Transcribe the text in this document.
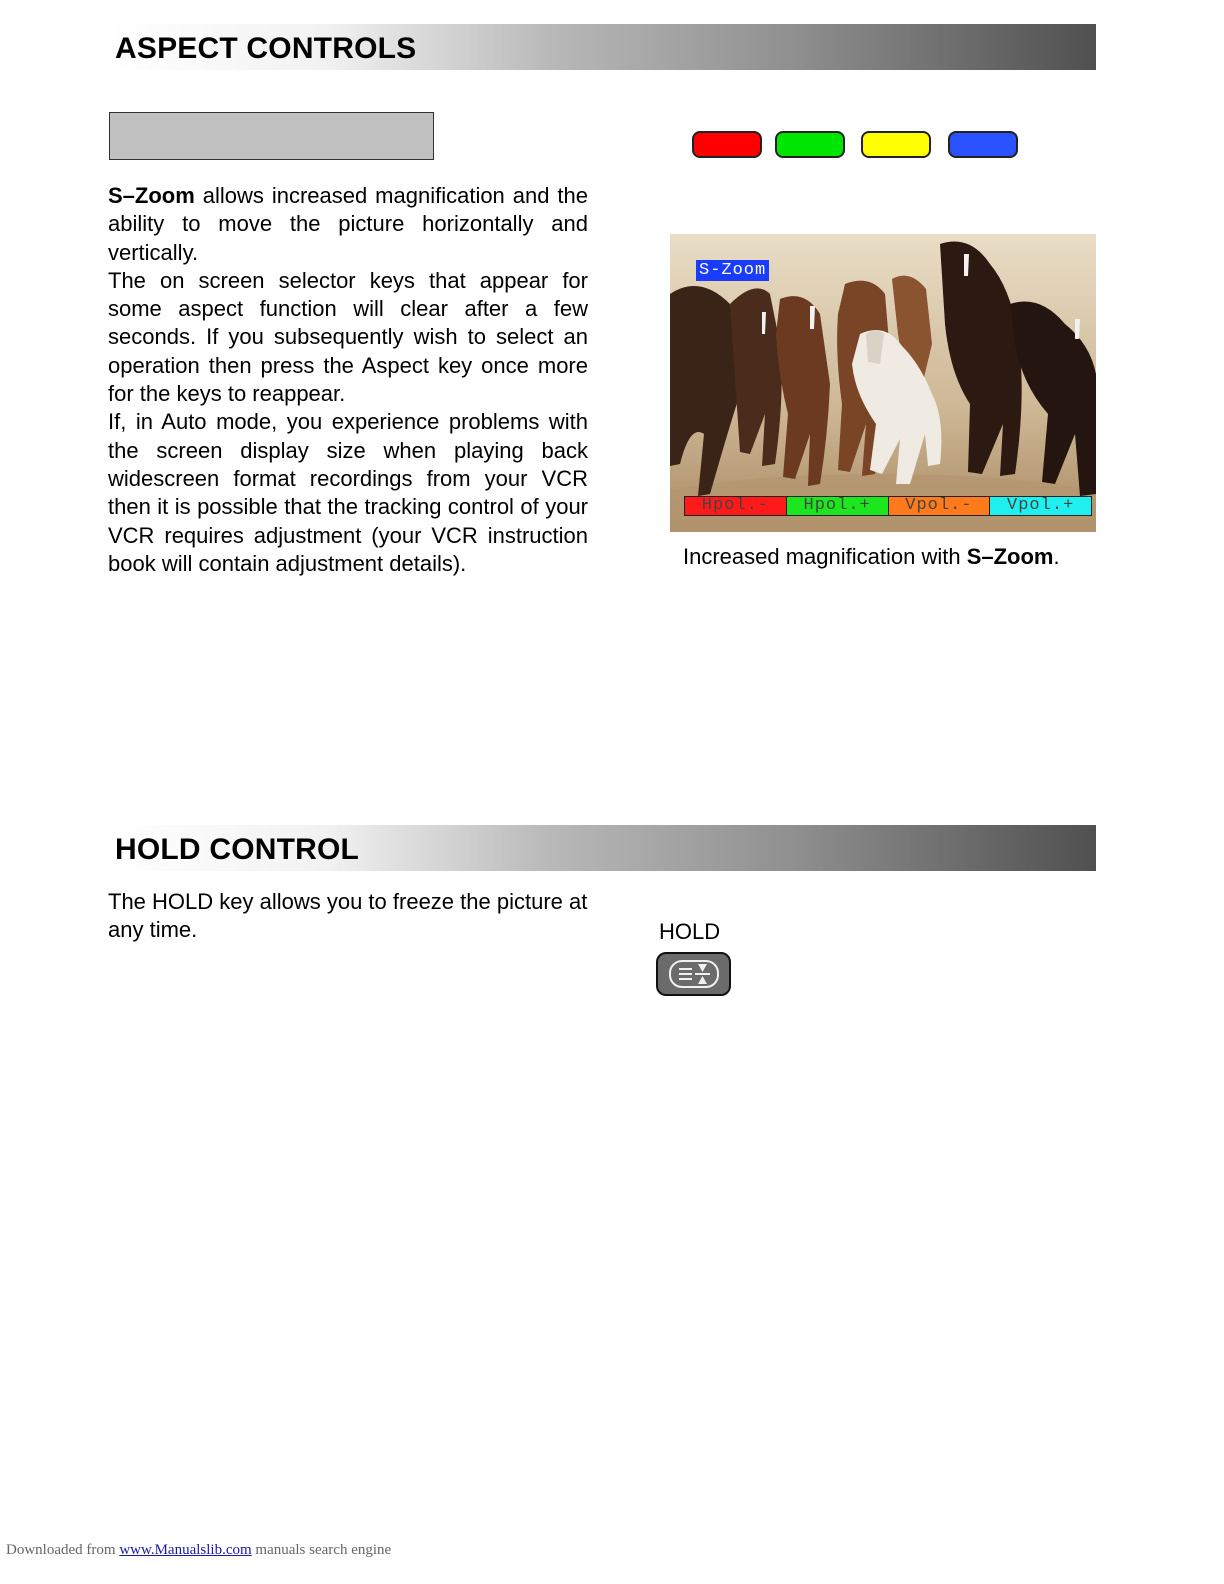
ASPECT CONTROLS

S–Zoom allows increased magnification and the ability to move the picture horizontally and vertically.

The on screen selector keys that appear for some aspect function will clear after a few seconds. If you subsequently wish to select an operation then press the Aspect key once more for the keys to reappear.

If, in Auto mode, you experience problems with the screen display size when playing back widescreen format recordings from your VCR then it is possible that the tracking control of your VCR requires adjustment (your VCR instruction book will contain adjustment details).

S-Zoom
Hpol.-	Hpol.+	Vpol.-	Vpol.+
Increased magnification with S–Zoom.
HOLD CONTROL

The HOLD key allows you to freeze the picture at any time.	HOLD
Downloaded from www.Manualslib.com manuals search engine
